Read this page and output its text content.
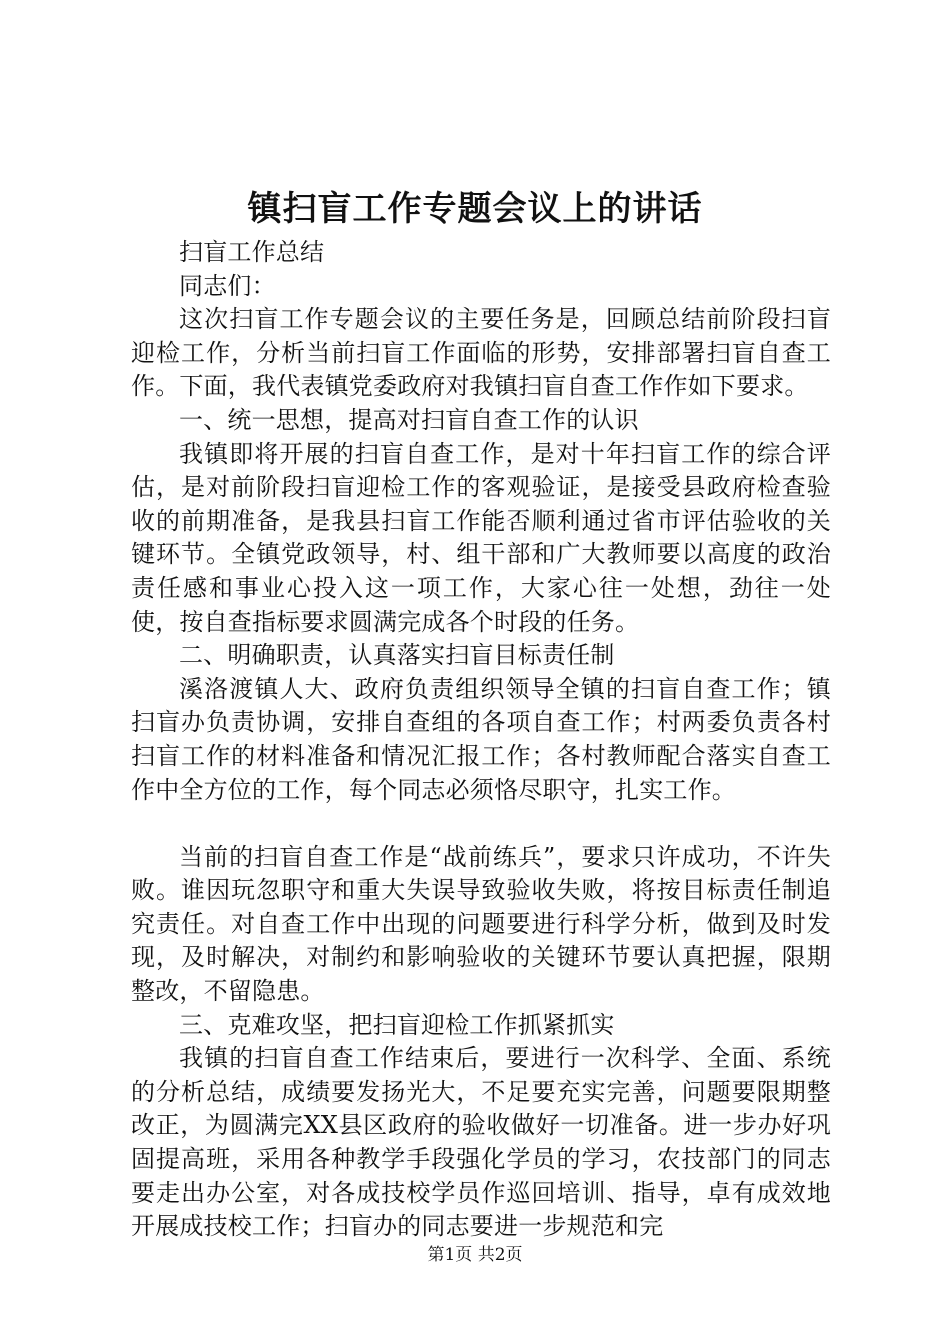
镇扫盲工作专题会议上的讲话

扫盲工作总结

同志们：

这次扫盲工作专题会议的主要任务是，回顾总结前阶段扫盲迎检工作，分析当前扫盲工作面临的形势，安排部署扫盲自查工作。下面，我代表镇党委政府对我镇扫盲自查工作作如下要求。

一、统一思想，提高对扫盲自查工作的认识

我镇即将开展的扫盲自查工作，是对十年扫盲工作的综合评估，是对前阶段扫盲迎检工作的客观验证，是接受县政府检查验收的前期准备，是我县扫盲工作能否顺利通过省市评估验收的关键环节。全镇党政领导，村、组干部和广大教师要以高度的政治责任感和事业心投入这一项工作，大家心往一处想，劲往一处使，按自查指标要求圆满完成各个时段的任务。

二、明确职责，认真落实扫盲目标责任制

溪洛渡镇人大、政府负责组织领导全镇的扫盲自查工作；镇扫盲办负责协调，安排自查组的各项自查工作；村两委负责各村扫盲工作的材料准备和情况汇报工作；各村教师配合落实自查工作中全方位的工作，每个同志必须恪尽职守，扎实工作。

当前的扫盲自查工作是“战前练兵”，要求只许成功，不许失败。谁因玩忽职守和重大失误导致验收失败，将按目标责任制追究责任。对自查工作中出现的问题要进行科学分析，做到及时发现，及时解决，对制约和影响验收的关键环节要认真把握，限期整改，不留隐患。

三、克难攻坚，把扫盲迎检工作抓紧抓实

我镇的扫盲自查工作结束后，要进行一次科学、全面、系统的分析总结，成绩要发扬光大，不足要充实完善，问题要限期整改正，为圆满完XX县区政府的验收做好一切准备。进一步办好巩固提高班，采用各种教学手段强化学员的学习，农技部门的同志要走出办公室，对各成技校学员作巡回培训、指导，卓有成效地开展成技校工作；扫盲办的同志要进一步规范和完

第1页 共2页
